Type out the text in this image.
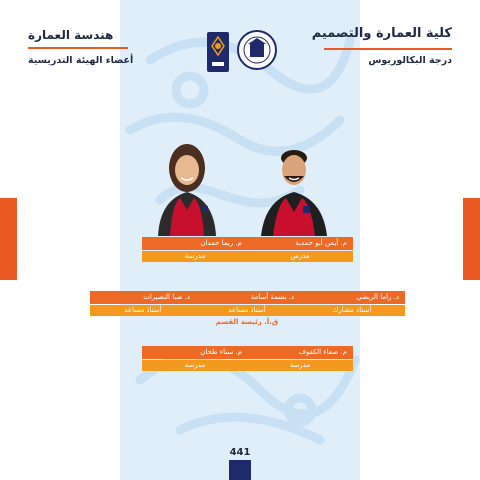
كلية العمارة والتصميم
درجة البكالوريوس
هندسة العمارة
أعضاء الهيئة التدريسية
م. ريما حمدان
مدرسة
م. أيمن أبو حمدية
مدرس
د. صبا النصيرات
أستاذ مساعد
د. بسمة أسامة
أستاذ مساعد
د. راما الربضي
أستاذ مشارك
ق.أ. رئيسة القسم
م. سناء طحان
مدرسة
م. صفاء الكفوف
مدرسة
441
